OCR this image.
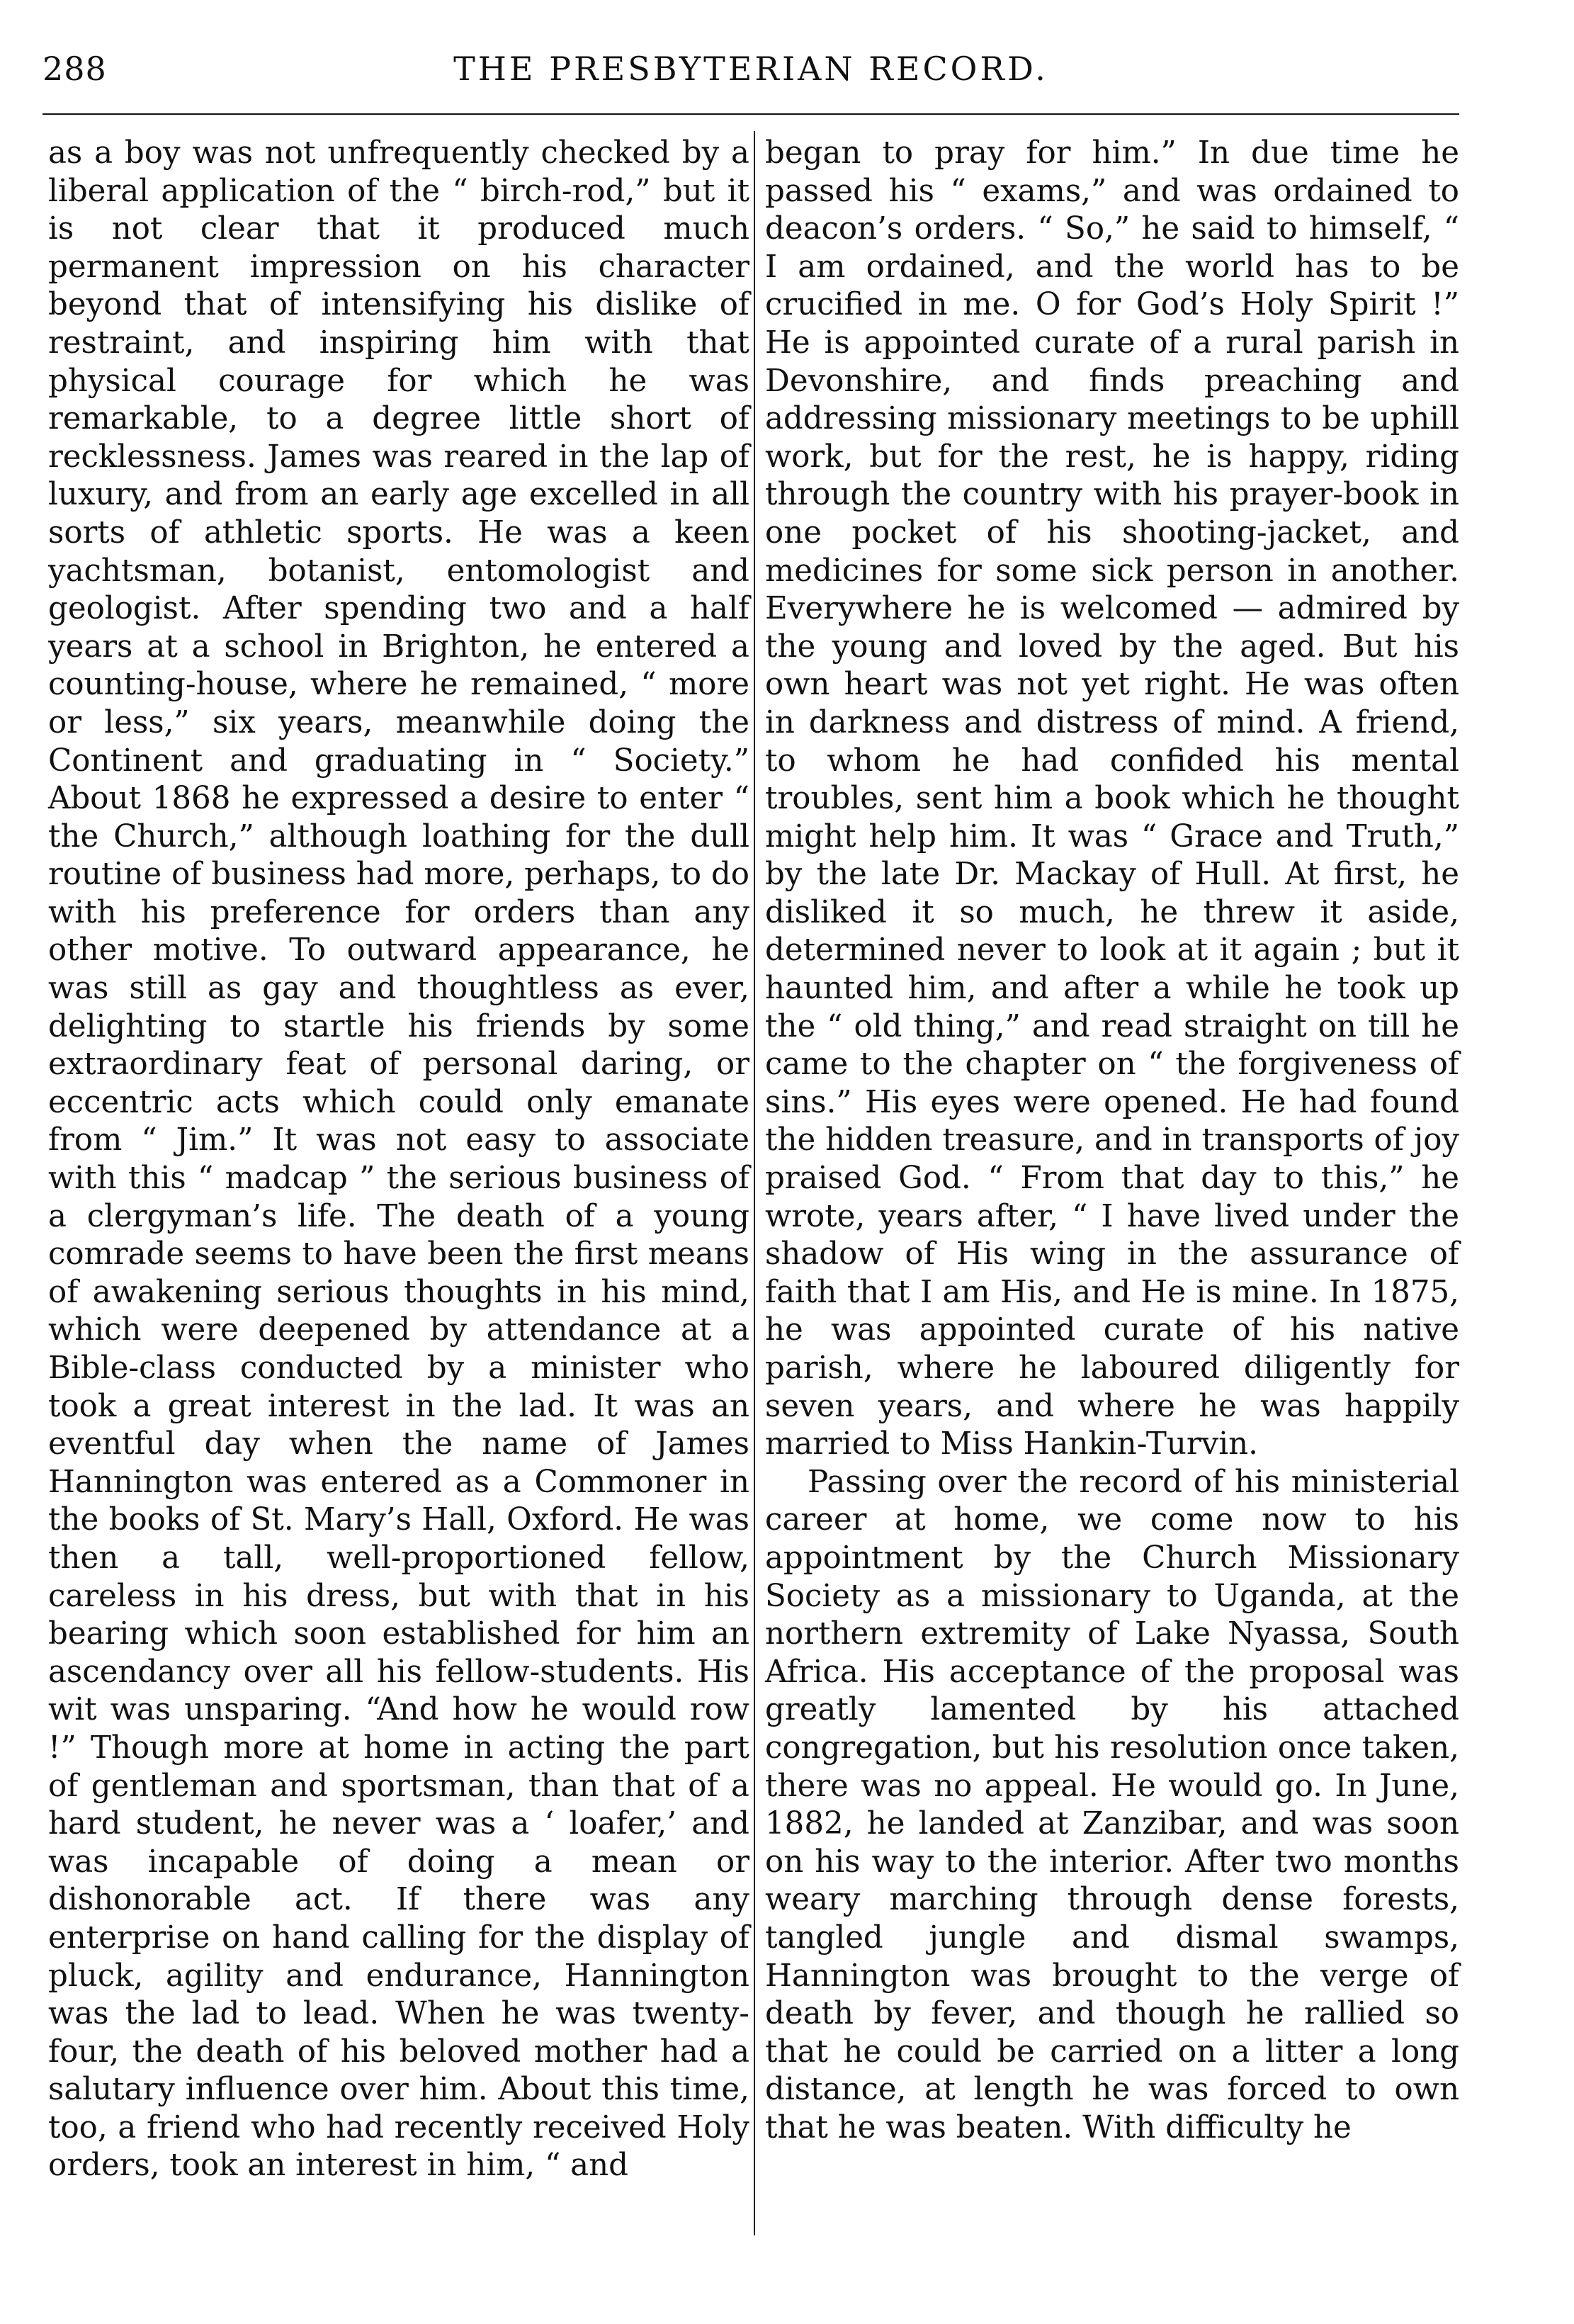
288	THE PRESBYTERIAN RECORD.

as a boy was not unfrequently checked by a liberal application of the “ birch-rod,” but it is not clear that it produced much permanent impression on his character beyond that of intensifying his dislike of restraint, and inspiring him with that physical courage for which he was remarkable, to a degree little short of recklessness. James was reared in the lap of luxury, and from an early age excelled in all sorts of athletic sports. He was a keen yachtsman, botanist, entomologist and geologist. After spending two and a half years at a school in Brighton, he entered a counting-house, where he remained, “ more or less,” six years, meanwhile doing the Continent and graduating in “ Society.” About 1868 he expressed a desire to enter “ the Church,” although loathing for the dull routine of business had more, perhaps, to do with his preference for orders than any other motive. To outward appearance, he was still as gay and thoughtless as ever, delighting to startle his friends by some extraordinary feat of personal daring, or eccentric acts which could only emanate from “ Jim.” It was not easy to associate with this “ madcap ” the serious business of a clergyman’s life. The death of a young comrade seems to have been the first means of awakening serious thoughts in his mind, which were deepened by attendance at a Bible-class conducted by a minister who took a great interest in the lad. It was an eventful day when the name of James Hannington was entered as a Commoner in the books of St. Mary’s Hall, Oxford. He was then a tall, well-proportioned fellow, careless in his dress, but with that in his bearing which soon established for him an ascendancy over all his fellow-students. His wit was unsparing. “And how he would row !” Though more at home in acting the part of gentleman and sportsman, than that of a hard student, he never was a ‘ loafer,’ and was incapable of doing a mean or dishonorable act. If there was any enterprise on hand calling for the display of pluck, agility and endurance, Hannington was the lad to lead. When he was twenty-four, the death of his beloved mother had a salutary influence over him. About this time, too, a friend who had recently received Holy orders, took an interest in him, “ and

began to pray for him.” In due time he passed his “ exams,” and was ordained to deacon’s orders. “ So,” he said to himself, “ I am ordained, and the world has to be crucified in me. O for God’s Holy Spirit !” He is appointed curate of a rural parish in Devonshire, and finds preaching and addressing missionary meetings to be uphill work, but for the rest, he is happy, riding through the country with his prayer-book in one pocket of his shooting-jacket, and medicines for some sick person in another. Everywhere he is welcomed — admired by the young and loved by the aged. But his own heart was not yet right. He was often in darkness and distress of mind. A friend, to whom he had confided his mental troubles, sent him a book which he thought might help him. It was “ Grace and Truth,” by the late Dr. Mackay of Hull. At first, he disliked it so much, he threw it aside, determined never to look at it again ; but it haunted him, and after a while he took up the “ old thing,” and read straight on till he came to the chapter on “ the forgiveness of sins.” His eyes were opened. He had found the hidden treasure, and in transports of joy praised God. “ From that day to this,” he wrote, years after, “ I have lived under the shadow of His wing in the assurance of faith that I am His, and He is mine. In 1875, he was appointed curate of his native parish, where he laboured diligently for seven years, and where he was happily married to Miss Hankin-Turvin.

Passing over the record of his ministerial career at home, we come now to his appointment by the Church Missionary Society as a missionary to Uganda, at the northern extremity of Lake Nyassa, South Africa. His acceptance of the proposal was greatly lamented by his attached congregation, but his resolution once taken, there was no appeal. He would go. In June, 1882, he landed at Zanzibar, and was soon on his way to the interior. After two months weary marching through dense forests, tangled jungle and dismal swamps, Hannington was brought to the verge of death by fever, and though he rallied so that he could be carried on a litter a long distance, at length he was forced to own that he was beaten. With difficulty he
